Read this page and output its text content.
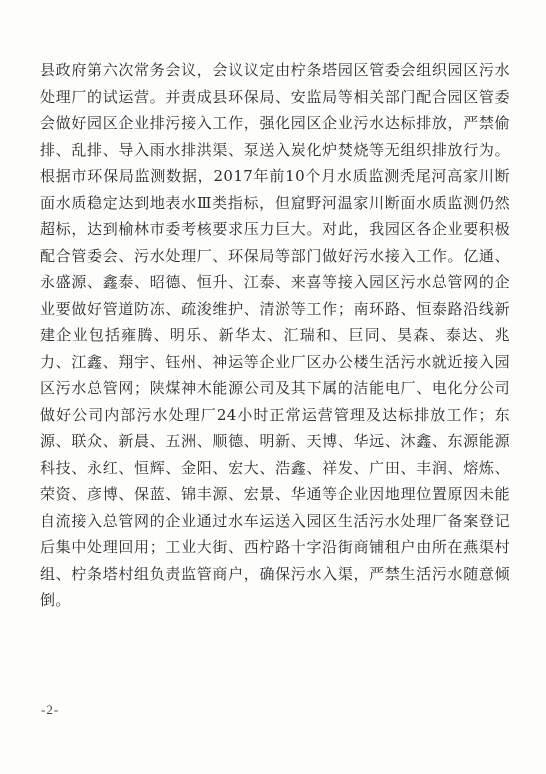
县政府第六次常务会议，会议议定由柠条塔园区管委会组织园区污水处理厂的试运营。并责成县环保局、安监局等相关部门配合园区管委会做好园区企业排污接入工作，强化园区企业污水达标排放，严禁偷排、乱排、导入雨水排洪渠、泵送入炭化炉焚烧等无组织排放行为。根据市环保局监测数据，2017年前10个月水质监测秃尾河高家川断面水质稳定达到地表水Ⅲ类指标，但窟野河温家川断面水质监测仍然超标，达到榆林市委考核要求压力巨大。对此，我园区各企业要积极配合管委会、污水处理厂、环保局等部门做好污水接入工作。亿通、永盛源、鑫泰、昭德、恒升、江泰、来喜等接入园区污水总管网的企业要做好管道防冻、疏浚维护、清淤等工作；南环路、恒泰路沿线新建企业包括雍腾、明乐、新华太、汇瑞和、巨同、昊森、泰达、兆力、江鑫、翔宇、钰州、神运等企业厂区办公楼生活污水就近接入园区污水总管网；陕煤神木能源公司及其下属的洁能电厂、电化分公司做好公司内部污水处理厂24小时正常运营管理及达标排放工作；东源、联众、新晨、五洲、顺德、明新、天博、华远、沐鑫、东源能源科技、永红、恒辉、金阳、宏大、浩鑫、祥发、广田、丰润、熔炼、荣资、彦博、保蓝、锦丰源、宏景、华通等企业因地理位置原因未能自流接入总管网的企业通过水车运送入园区生活污水处理厂备案登记后集中处理回用；工业大街、西柠路十字沿街商铺租户由所在燕渠村组、柠条塔村组负责监管商户，确保污水入渠，严禁生活污水随意倾倒。

-2-
